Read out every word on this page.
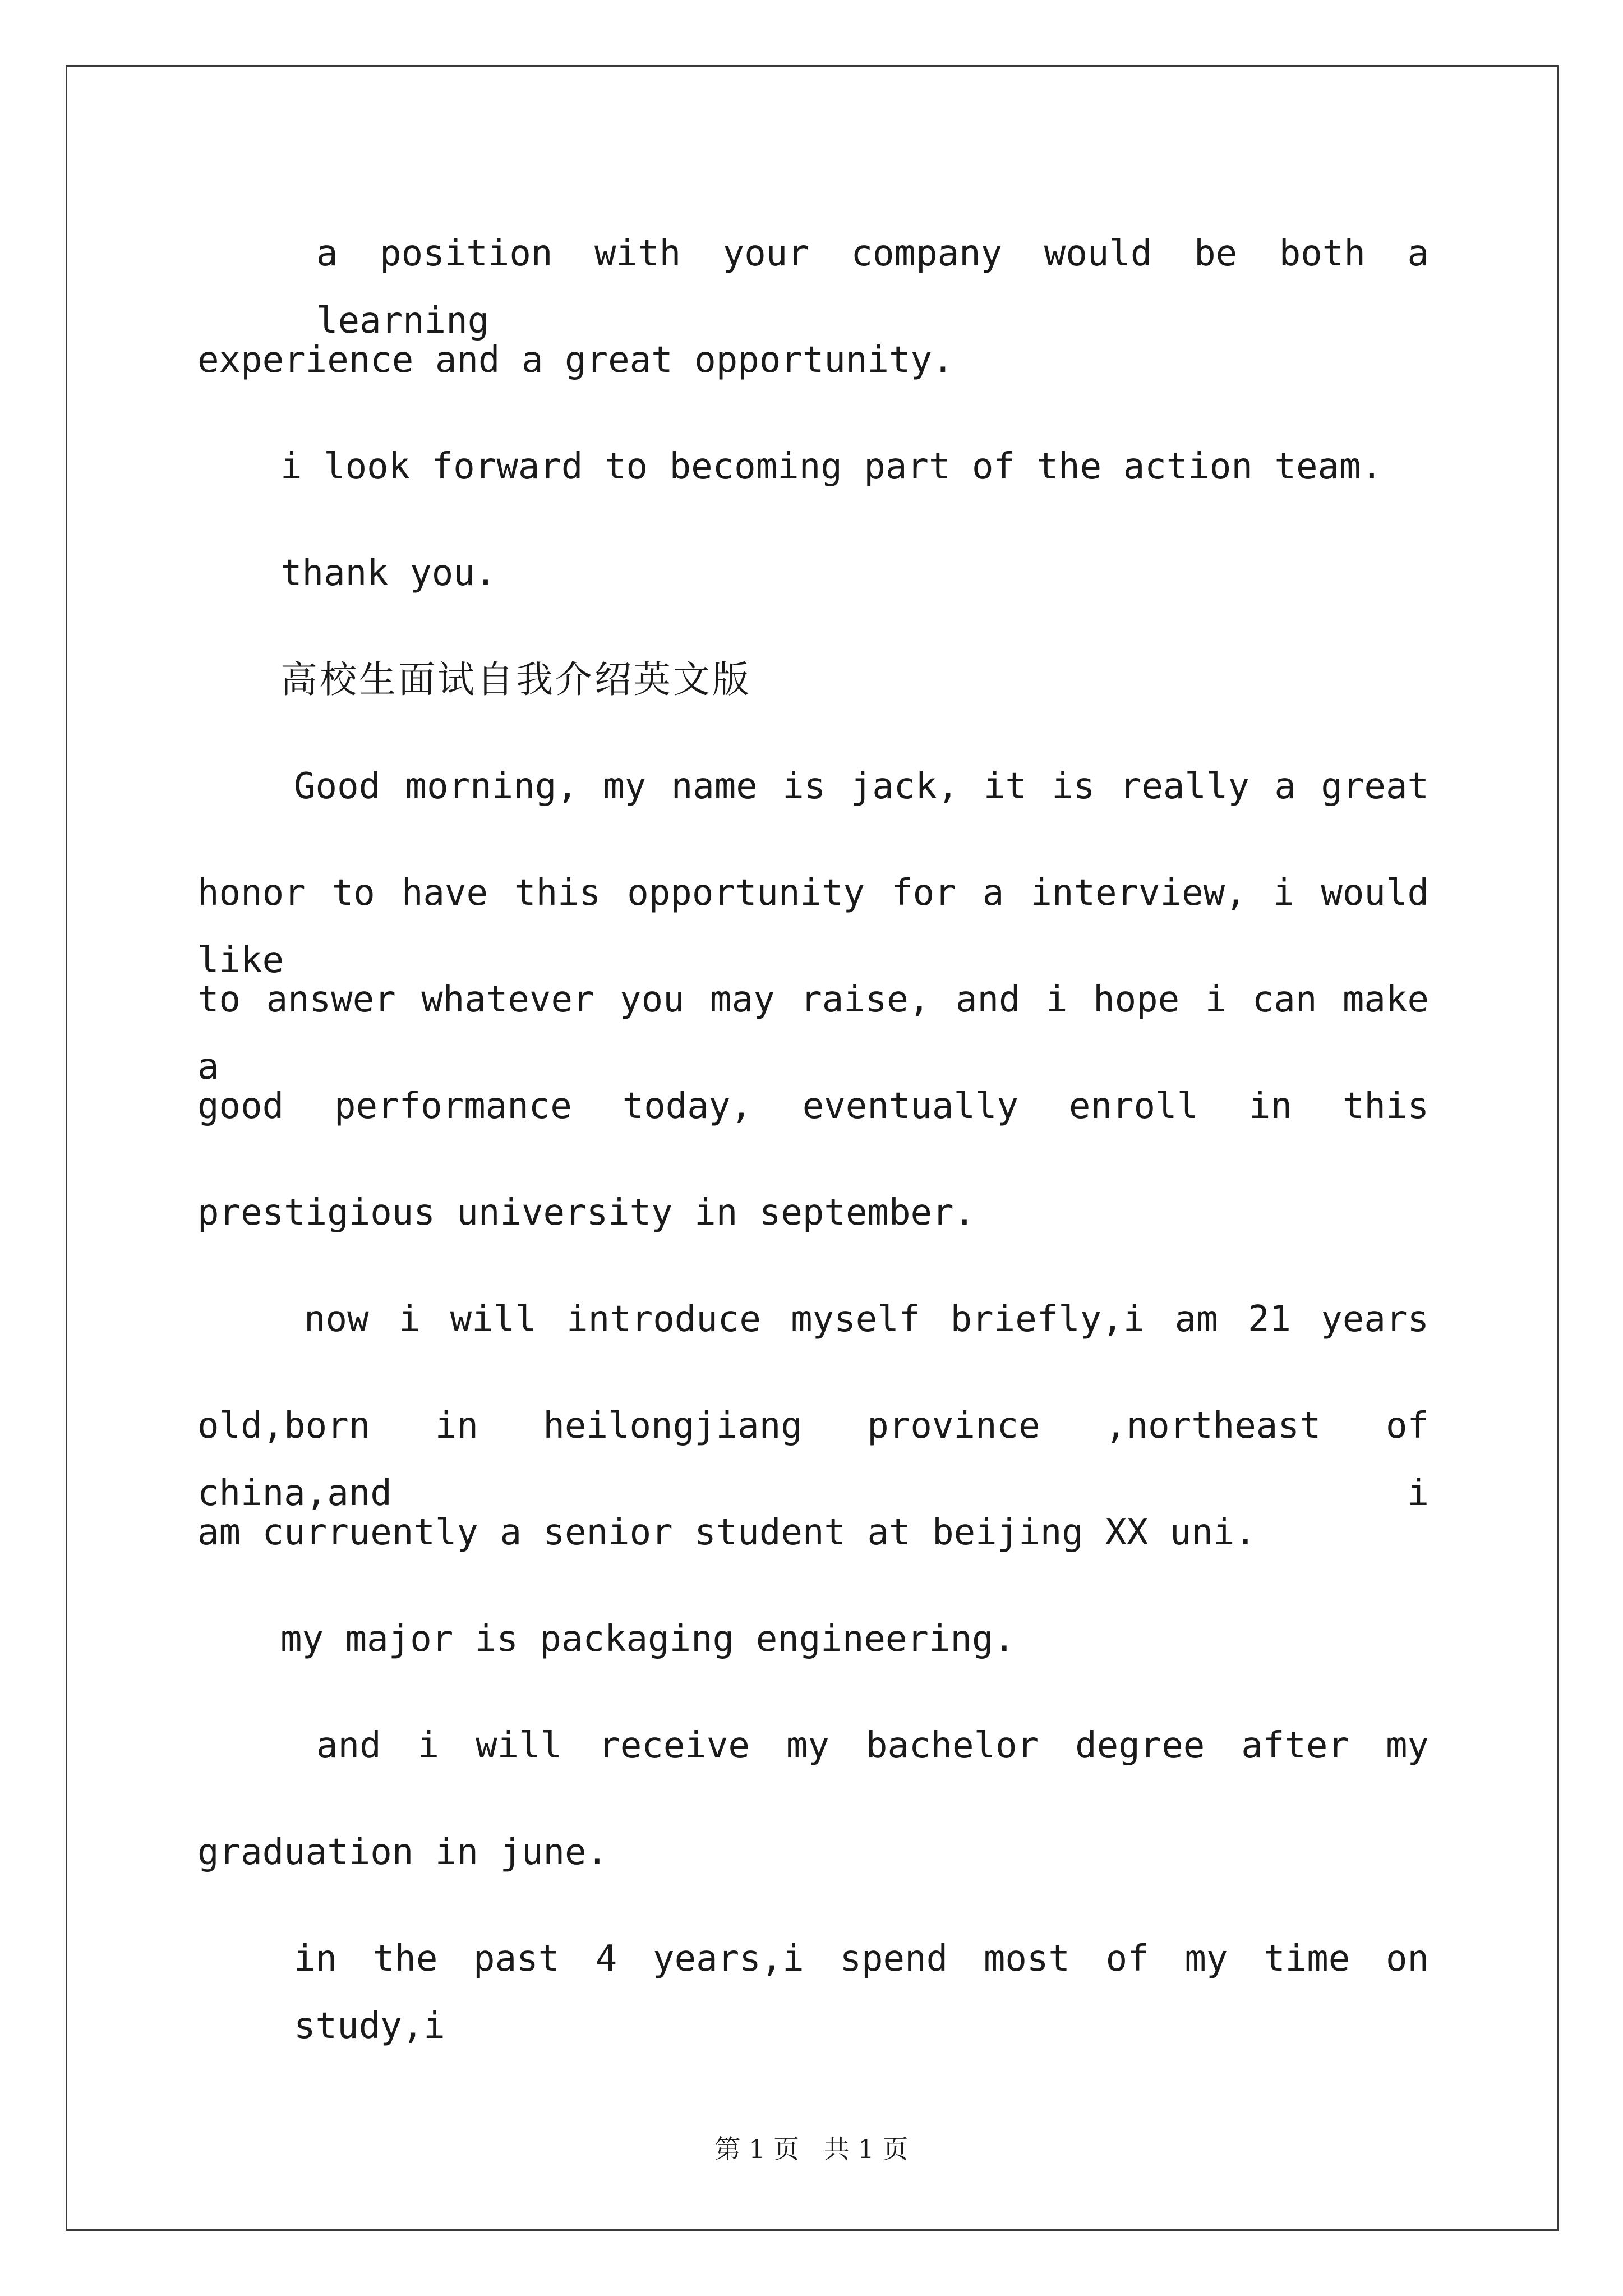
a position with your company would be both a learning
experience and a great opportunity.
i look forward to becoming part of the action team.
thank you.
高校生面试自我介绍英文版
Good morning, my name is jack, it is really a great
honor to have this opportunity for a interview, i would like
to answer whatever you may raise, and i hope i can make a
good performance today, eventually enroll in this
prestigious university in september.
now i will introduce myself briefly,i am 21 years
old,born in heilongjiang province ,northeast of china,and i
am curruently a senior student at beijing XX uni.
my major is packaging engineering.
and i will receive my bachelor degree after my
graduation in june.
in the past 4 years,i spend most of my time on study,i
第 1 页   共 1 页
